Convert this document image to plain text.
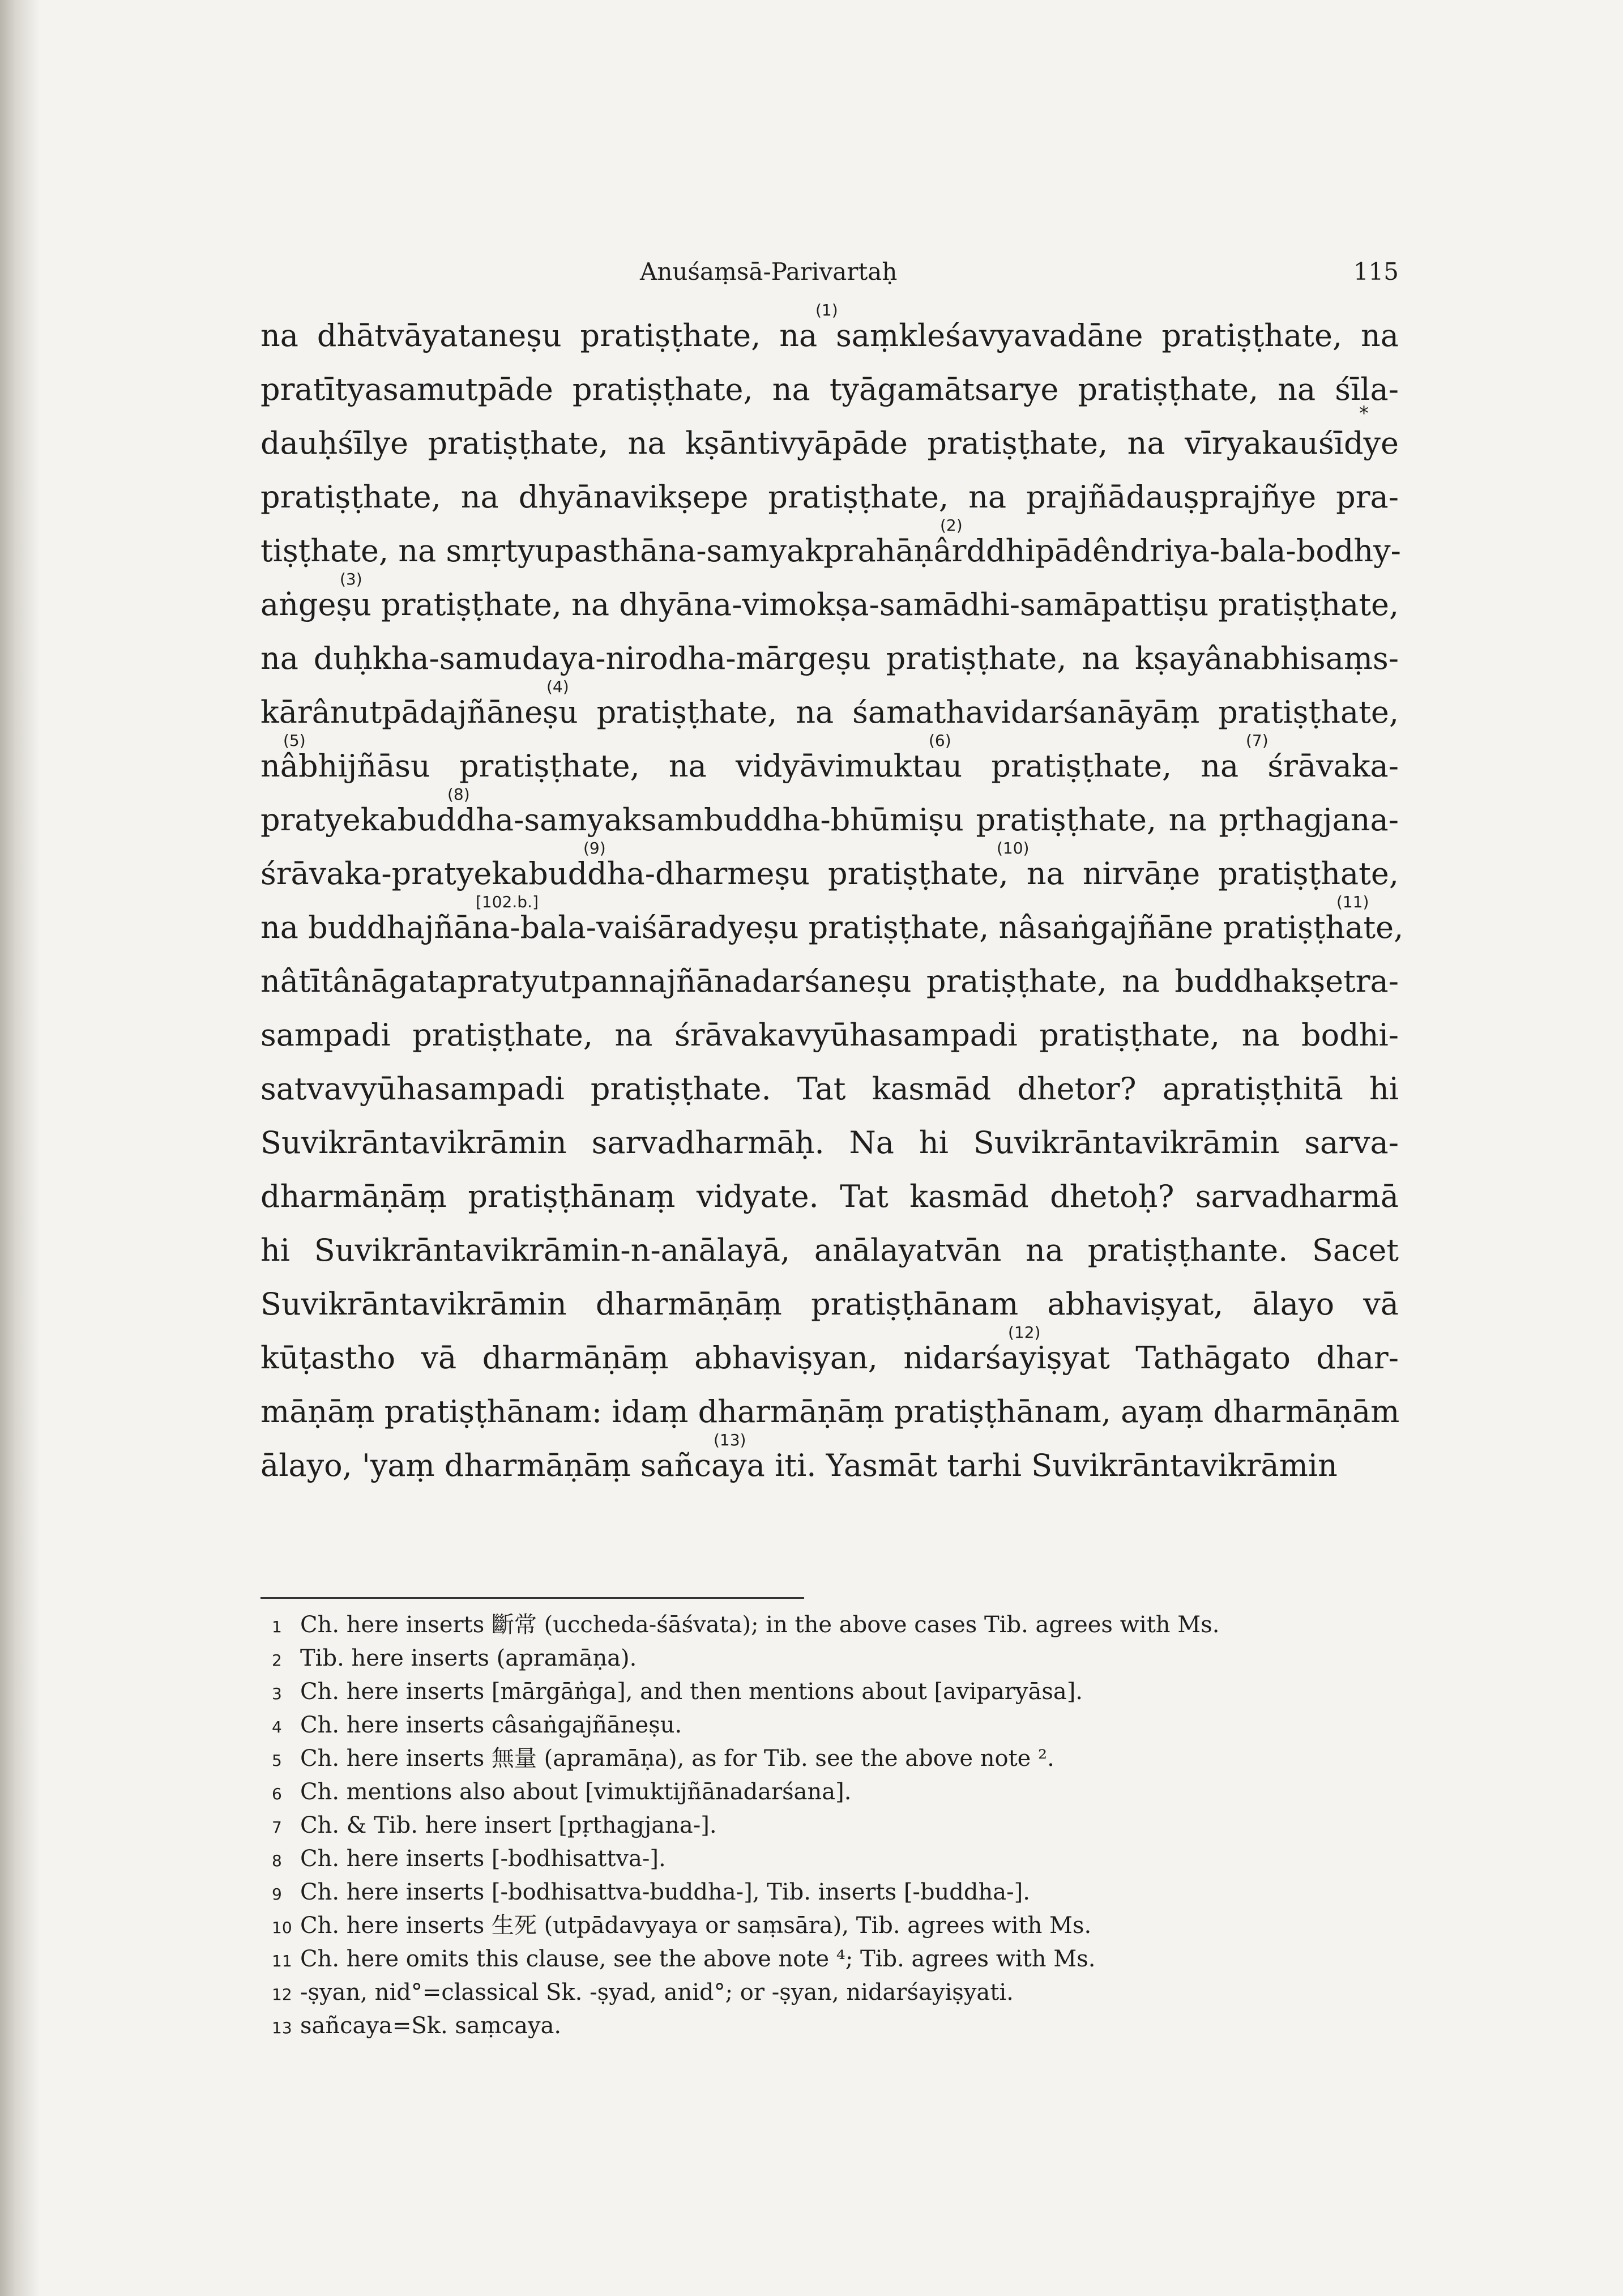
Anuśaṃsā-Parivartaḥ	115
(1)
na dhātvāyataneṣu pratiṣṭhate, na saṃkleśavyavadāne pratiṣṭhate, na
pratītyasamutpāde pratiṣṭhate, na tyāgamātsarye pratiṣṭhate, na śīla-
*
dauḥśīlye pratiṣṭhate, na kṣāntivyāpāde pratiṣṭhate, na vīryakauśīdye
pratiṣṭhate, na dhyānavikṣepe pratiṣṭhate, na prajñādauṣprajñye pra-
(2)
tiṣṭhate, na smṛtyupasthāna-samyakprahāṇârddhipādêndriya-bala-bodhy-
(3)
aṅgeṣu pratiṣṭhate, na dhyāna-vimokṣa-samādhi-samāpattiṣu pratiṣṭhate,
na duḥkha-samudaya-nirodha-mārgeṣu pratiṣṭhate, na kṣayânabhisaṃs-
(4)
kārânutpādajñāneṣu pratiṣṭhate, na śamathavidarśanāyāṃ pratiṣṭhate,
(5)	(6)	(7)
nâbhijñāsu pratiṣṭhate, na vidyāvimuktau pratiṣṭhate, na śrāvaka-
(8)
pratyekabuddha-samyaksambuddha-bhūmiṣu pratiṣṭhate, na pṛthagjana-
(9)	(10)
śrāvaka-pratyekabuddha-dharmeṣu pratiṣṭhate, na nirvāṇe pratiṣṭhate,
[102.b.]	(11)
na buddhajñāna-bala-vaiśāradyeṣu pratiṣṭhate, nâsaṅgajñāne pratiṣṭhate,
nâtītânāgatapratyutpannajñānadarśaneṣu pratiṣṭhate, na buddhakṣetra-
sampadi pratiṣṭhate, na śrāvakavyūhasampadi pratiṣṭhate, na bodhi-
satvavyūhasampadi pratiṣṭhate. Tat kasmād dhetor? apratiṣṭhitā hi
Suvikrāntavikrāmin sarvadharmāḥ. Na hi Suvikrāntavikrāmin sarva-
dharmāṇāṃ pratiṣṭhānaṃ vidyate. Tat kasmād dhetoḥ? sarvadharmā
hi Suvikrāntavikrāmin-n-anālayā, anālayatvān na pratiṣṭhante. Sacet
Suvikrāntavikrāmin dharmāṇāṃ pratiṣṭhānam abhaviṣyat, ālayo vā
(12)
kūṭastho vā dharmāṇāṃ abhaviṣyan, nidarśayiṣyat Tathāgato dhar-
māṇāṃ pratiṣṭhānam: idaṃ dharmāṇāṃ pratiṣṭhānam, ayaṃ dharmāṇām
(13)
ālayo, 'yaṃ dharmāṇāṃ sañcaya iti. Yasmāt tarhi Suvikrāntavikrāmin
1 Ch. here inserts 斷常 (uccheda-śāśvata); in the above cases Tib. agrees with Ms.
2 Tib. here inserts (apramāṇa).
3 Ch. here inserts [mārgāṅga], and then mentions about [aviparyāsa].
4 Ch. here inserts câsaṅgajñāneṣu.
5 Ch. here inserts 無量 (apramāṇa), as for Tib. see the above note ².
6 Ch. mentions also about [vimuktijñānadarśana].
7 Ch. & Tib. here insert [pṛthagjana-].
8 Ch. here inserts [-bodhisattva-].
9 Ch. here inserts [-bodhisattva-buddha-], Tib. inserts [-buddha-].
10 Ch. here inserts 生死 (utpādavyaya or saṃsāra), Tib. agrees with Ms.
11 Ch. here omits this clause, see the above note ⁴; Tib. agrees with Ms.
12 -ṣyan, nid°=classical Sk. -ṣyad, anid°; or -ṣyan, nidarśayiṣyati.
13 sañcaya=Sk. saṃcaya.
